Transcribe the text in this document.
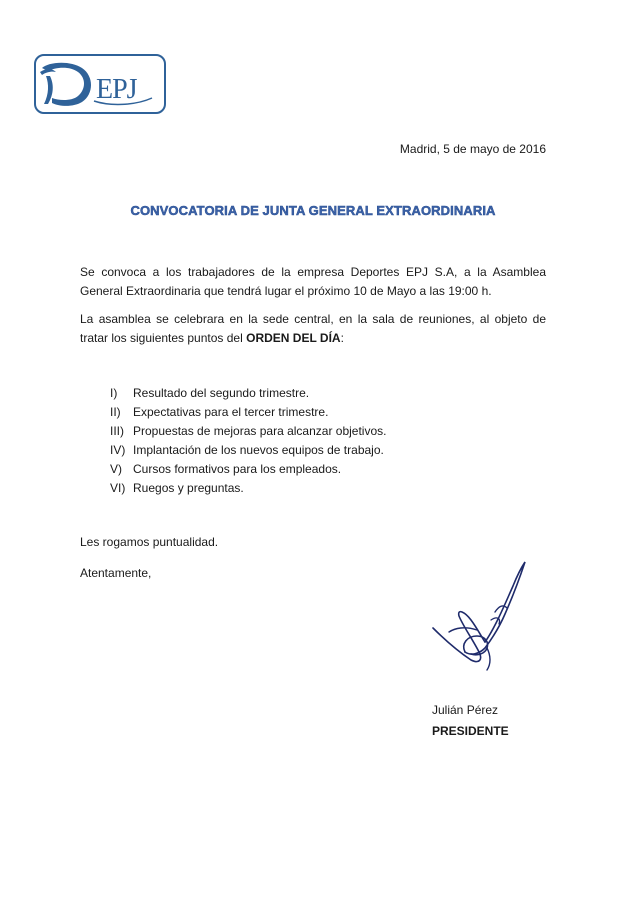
EPJ
Madrid, 5 de mayo de 2016
CONVOCATORIA DE JUNTA GENERAL EXTRAORDINARIA

Se convoca a los trabajadores de la empresa Deportes EPJ S.A, a la Asamblea General Extraordinaria que tendrá lugar el próximo 10 de Mayo a las 19:00 h.

La asamblea se celebrara en la sede central, en la sala de reuniones, al objeto de tratar los siguientes puntos del ORDEN DEL DÍA:

I)	Resultado del segundo trimestre.
II)	Expectativas para el tercer trimestre.
III) Propuestas de mejoras para alcanzar objetivos.
IV) Implantación de los nuevos equipos de trabajo.
V) Cursos formativos para los empleados.
VI) Ruegos y preguntas.
Les rogamos puntualidad.
Atentamente,
Julián Pérez
PRESIDENTE
